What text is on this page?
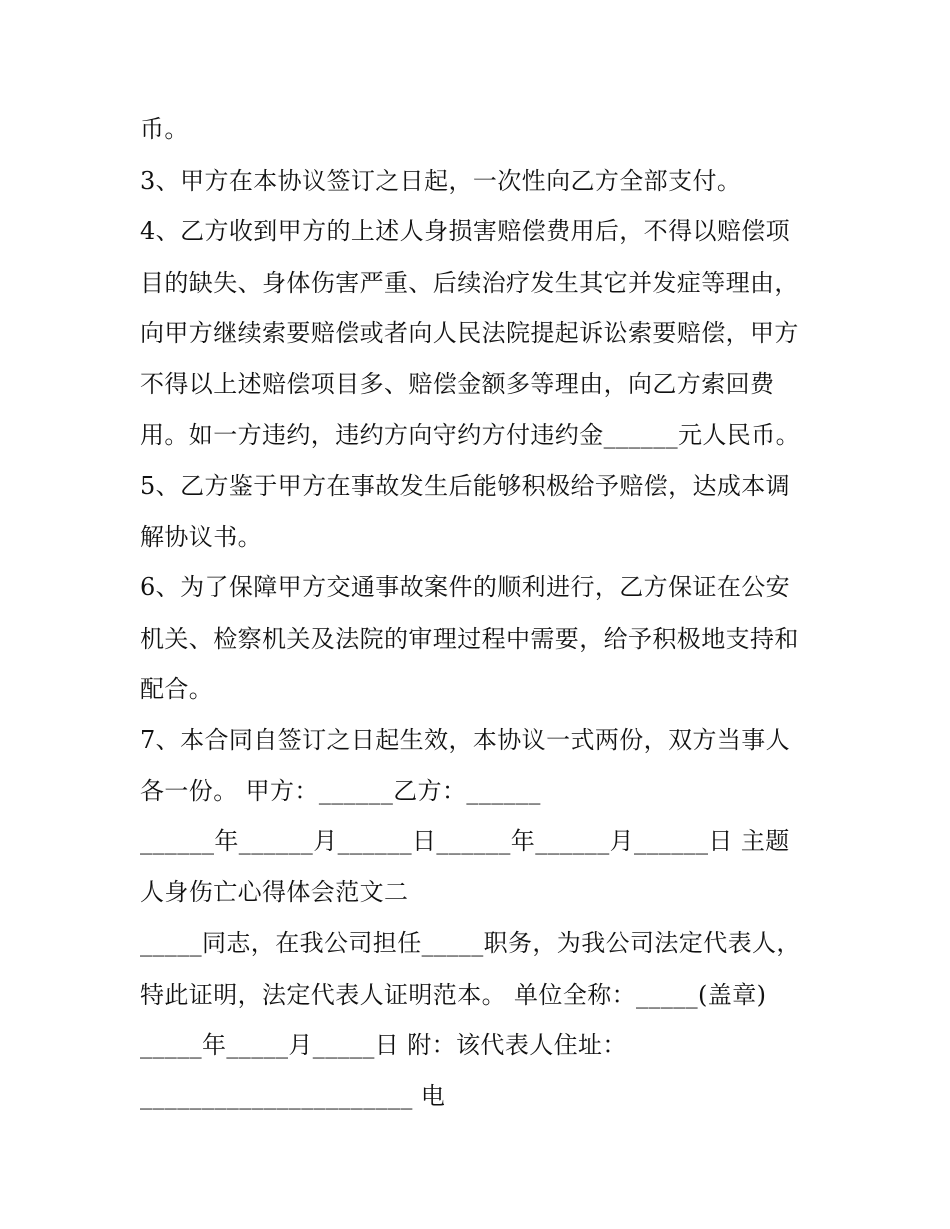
币。
3、甲方在本协议签订之日起，一次性向乙方全部支付。
4、乙方收到甲方的上述人身损害赔偿费用后，不得以赔偿项
目的缺失、身体伤害严重、后续治疗发生其它并发症等理由，
向甲方继续索要赔偿或者向人民法院提起诉讼索要赔偿，甲方
不得以上述赔偿项目多、赔偿金额多等理由，向乙方索回费
用。如一方违约，违约方向守约方付违约金______元人民币。
5、乙方鉴于甲方在事故发生后能够积极给予赔偿，达成本调
解协议书。
6、为了保障甲方交通事故案件的顺利进行，乙方保证在公安
机关、检察机关及法院的审理过程中需要，给予积极地支持和
配合。
7、本合同自签订之日起生效，本协议一式两份，双方当事人
各一份。 甲方：______乙方：______
______年______月______日______年______月______日 主题
人身伤亡心得体会范文二
_____同志，在我公司担任_____职务，为我公司法定代表人，
特此证明，法定代表人证明范本。 单位全称：_____(盖章)
_____年_____月_____日 附：该代表人住址：
______________________ 电
